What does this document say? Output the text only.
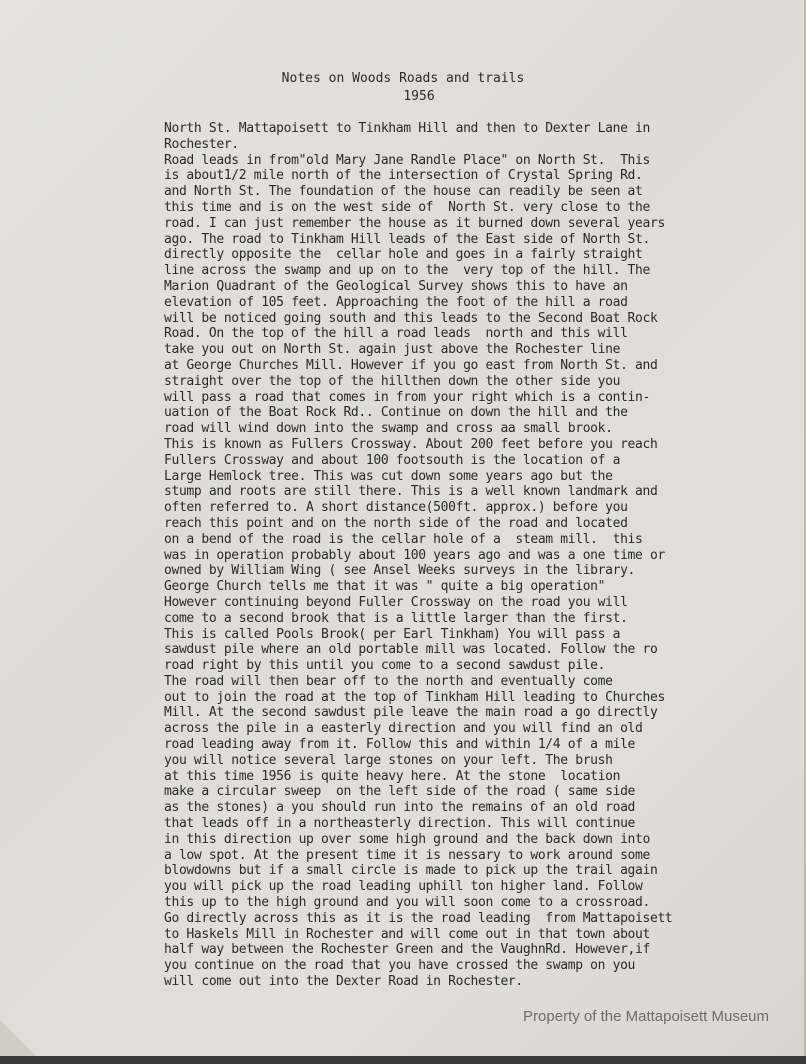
Notes on Woods Roads and trails
1956
North St. Mattapoisett to Tinkham Hill and then to Dexter Lane in
Rochester.
Road leads in from"old Mary Jane Randle Place" on North St.  This
is about1/2 mile north of the intersection of Crystal Spring Rd.
and North St. The foundation of the house can readily be seen at
this time and is on the west side of  North St. very close to the
road. I can just remember the house as it burned down several years
ago. The road to Tinkham Hill leads of the East side of North St.
directly opposite the  cellar hole and goes in a fairly straight
line across the swamp and up on to the  very top of the hill. The
Marion Quadrant of the Geological Survey shows this to have an
elevation of 105 feet. Approaching the foot of the hill a road
will be noticed going south and this leads to the Second Boat Rock
Road. On the top of the hill a road leads  north and this will
take you out on North St. again just above the Rochester line
at George Churches Mill. However if you go east from North St. and
straight over the top of the hillthen down the other side you
will pass a road that comes in from your right which is a contin-
uation of the Boat Rock Rd.. Continue on down the hill and the
road will wind down into the swamp and cross aa small brook.
This is known as Fullers Crossway. About 200 feet before you reach
Fullers Crossway and about 100 footsouth is the location of a
Large Hemlock tree. This was cut down some years ago but the
stump and roots are still there. This is a well known landmark and
often referred to. A short distance(500ft. approx.) before you
reach this point and on the north side of the road and located
on a bend of the road is the cellar hole of a  steam mill.  this
was in operation probably about 100 years ago and was a one time or
owned by William Wing ( see Ansel Weeks surveys in the library.
George Church tells me that it was " quite a big operation"
However continuing beyond Fuller Crossway on the road you will
come to a second brook that is a little larger than the first.
This is called Pools Brook( per Earl Tinkham) You will pass a
sawdust pile where an old portable mill was located. Follow the ro
road right by this until you come to a second sawdust pile.
The road will then bear off to the north and eventually come
out to join the road at the top of Tinkham Hill leading to Churches
Mill. At the second sawdust pile leave the main road a go directly
across the pile in a easterly direction and you will find an old
road leading away from it. Follow this and within 1/4 of a mile
you will notice several large stones on your left. The brush
at this time 1956 is quite heavy here. At the stone  location
make a circular sweep  on the left side of the road ( same side
as the stones) a you should run into the remains of an old road
that leads off in a northeasterly direction. This will continue
in this direction up over some high ground and the back down into
a low spot. At the present time it is nessary to work around some
blowdowns but if a small circle is made to pick up the trail again
you will pick up the road leading uphill ton higher land. Follow
this up to the high ground and you will soon come to a crossroad.
Go directly across this as it is the road leading  from Mattapoisett
to Haskels Mill in Rochester and will come out in that town about
half way between the Rochester Green and the VaughnRd. However,if
you continue on the road that you have crossed the swamp on you
will come out into the Dexter Road in Rochester.
Property of the Mattapoisett Museum
